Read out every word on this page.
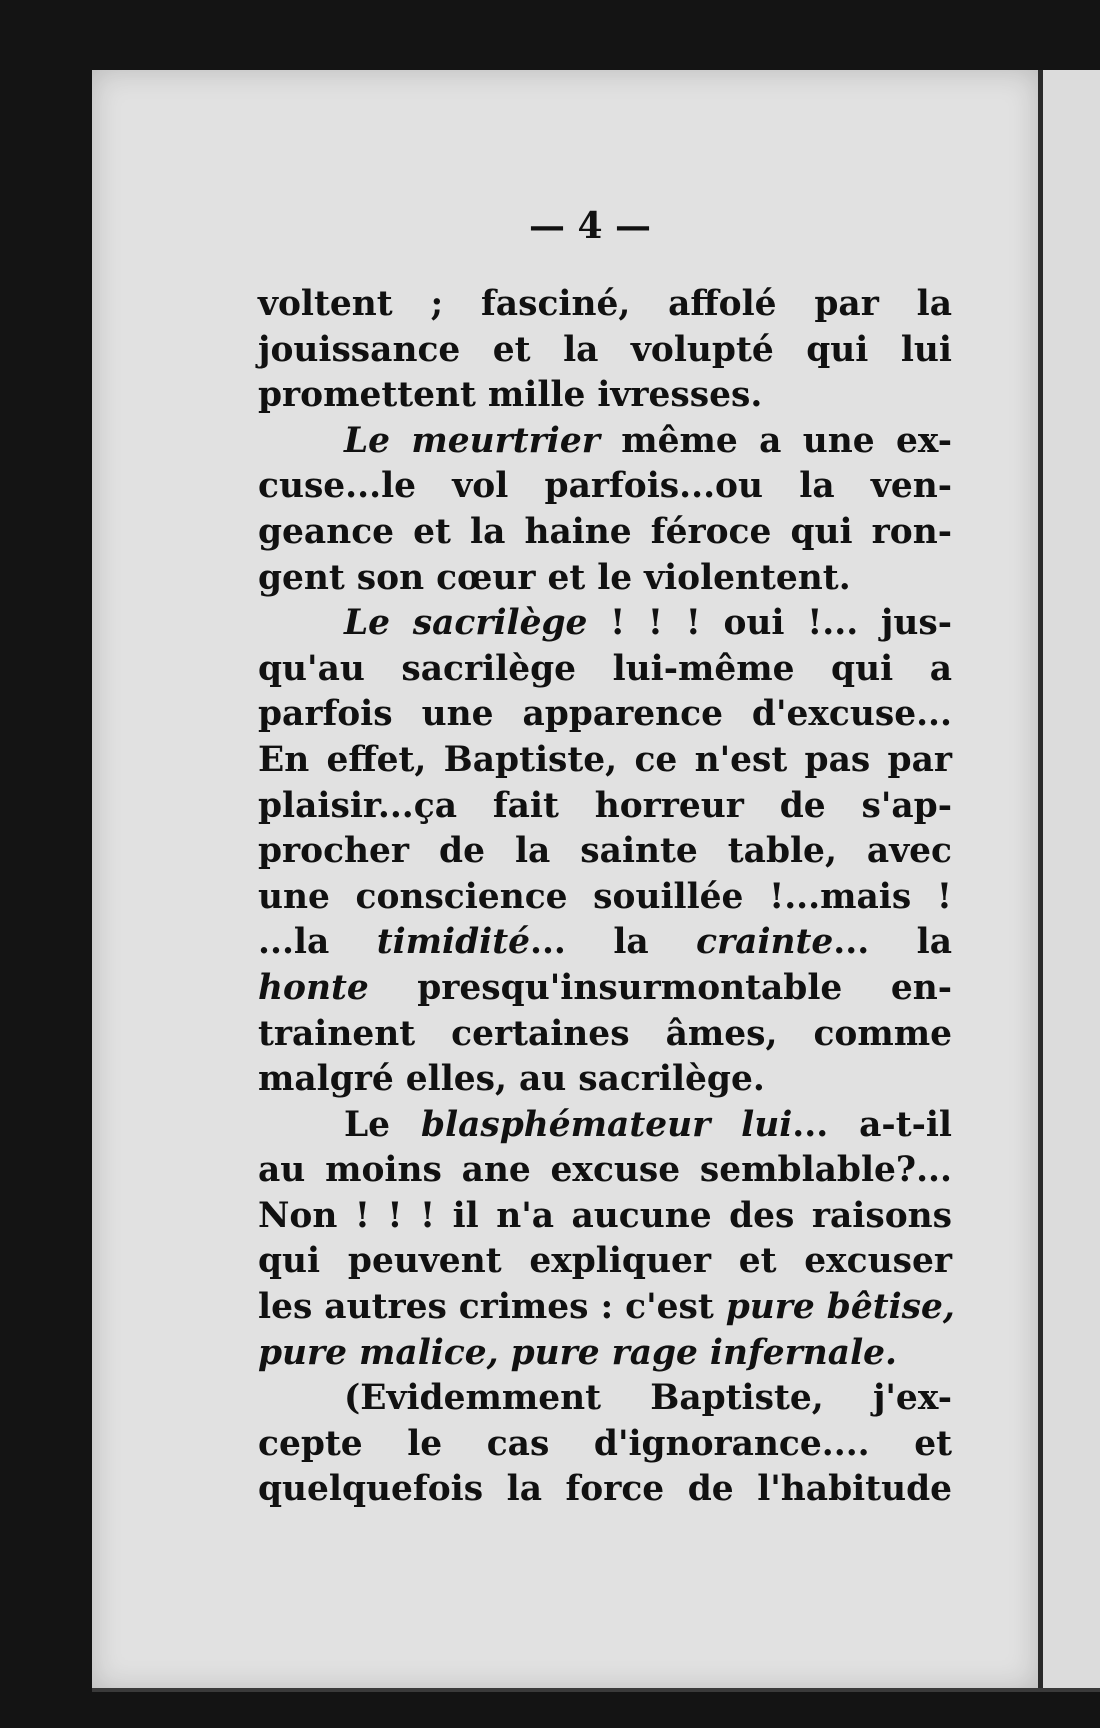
— 4 —
voltent ; fasciné, affolé par la
jouissance et la volupté qui lui
promettent mille ivresses.
Le meurtrier même a une ex-
cuse...le vol parfois...ou la ven-
geance et la haine féroce qui ron-
gent son cœur et le violentent.
Le sacrilège ! ! ! oui !... jus-
qu'au sacrilège lui-même qui a
parfois une apparence d'excuse...
En effet, Baptiste, ce n'est pas par
plaisir...ça fait horreur de s'ap-
procher de la sainte table, avec
une conscience souillée !...mais !
...la timidité... la crainte... la
honte presqu'insurmontable en-
trainent certaines âmes, comme
malgré elles, au sacrilège.
Le blasphémateur lui... a-t-il
au moins ane excuse semblable?...
Non ! ! ! il n'a aucune des raisons
qui peuvent expliquer et excuser
les autres crimes : c'est pure bêtise,
pure malice, pure rage infernale.
(Evidemment Baptiste, j'ex-
cepte le cas d'ignorance.... et
quelquefois la force de l'habitude
